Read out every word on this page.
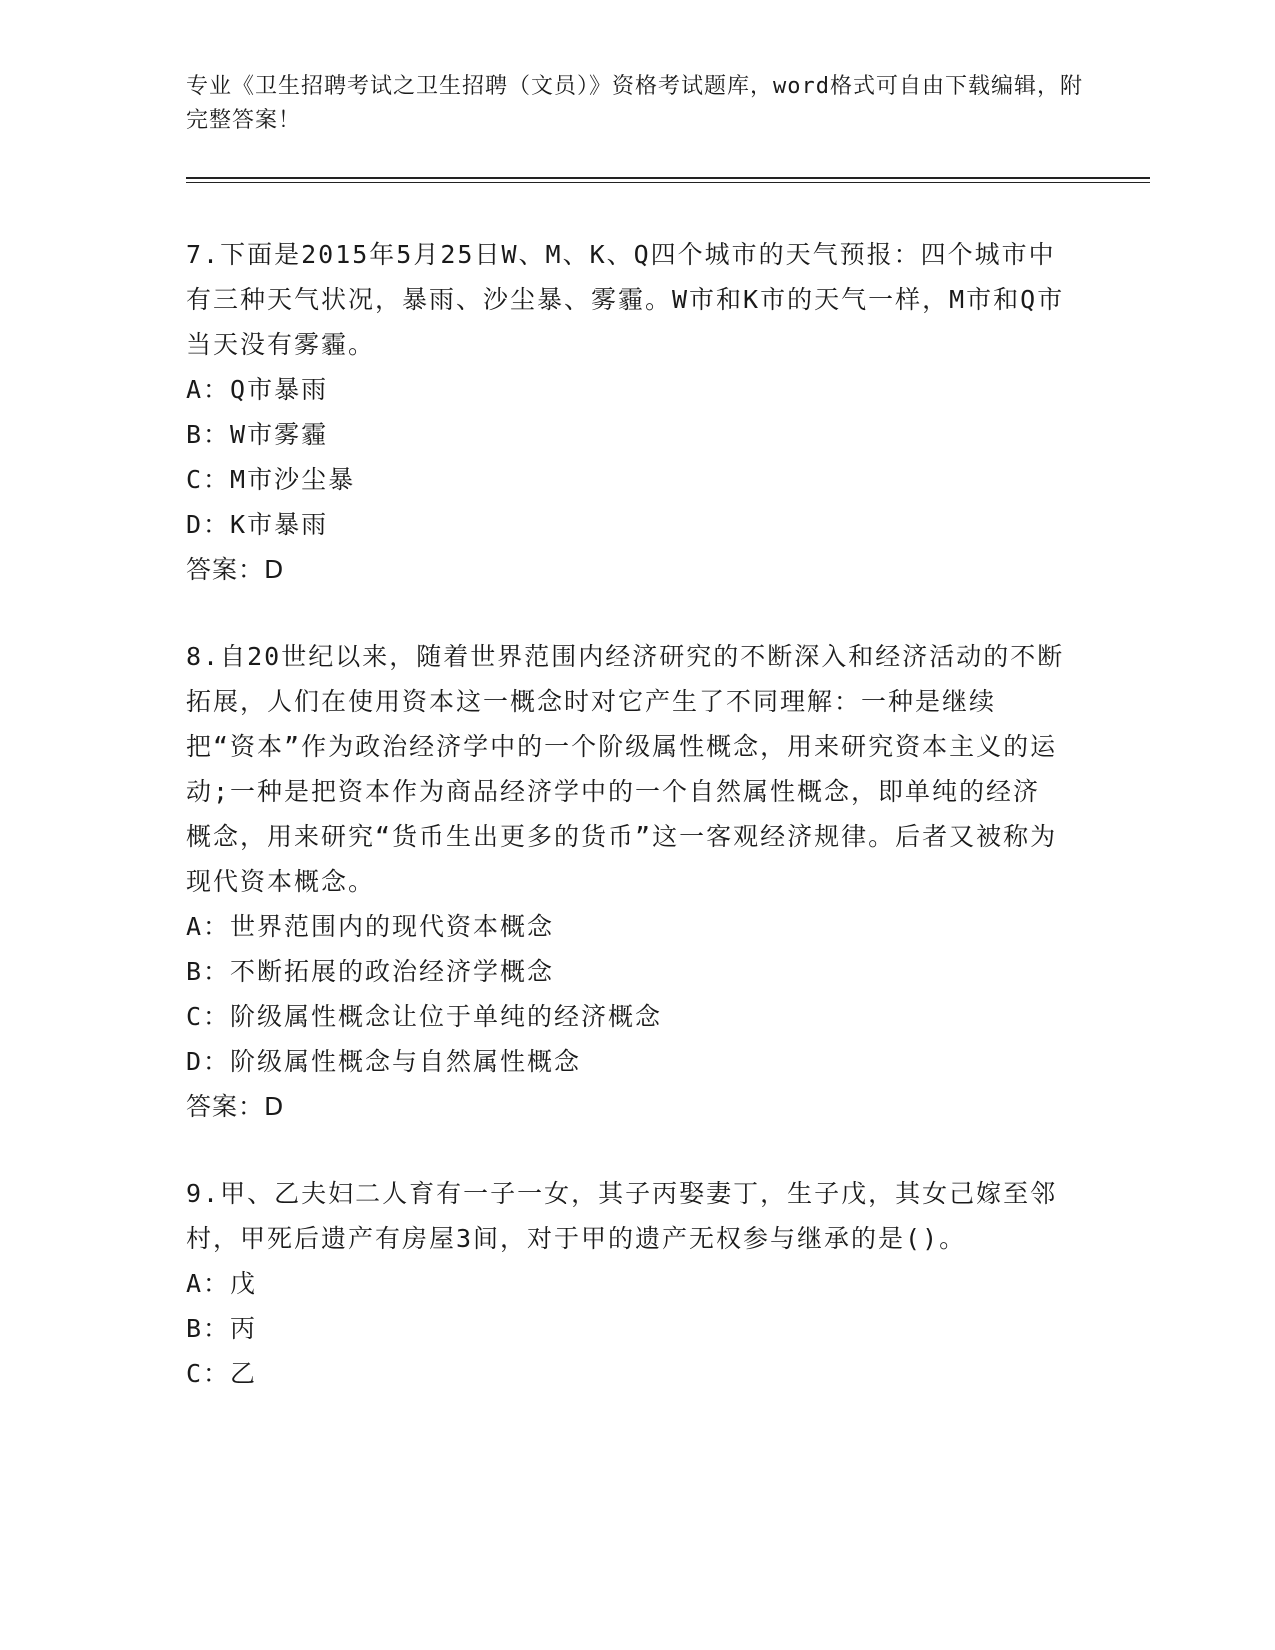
专业《卫生招聘考试之卫生招聘（文员）》资格考试题库，word格式可自由下载编辑，附完整答案！

7.下面是2015年5月25日W、M、K、Q四个城市的天气预报：四个城市中有三种天气状况，暴雨、沙尘暴、雾霾。W市和K市的天气一样，M市和Q市当天没有雾霾。

A：Q市暴雨

B：W市雾霾

C：M市沙尘暴

D：K市暴雨

答案：D

8.自20世纪以来，随着世界范围内经济研究的不断深入和经济活动的不断拓展，人们在使用资本这一概念时对它产生了不同理解：一种是继续把“资本”作为政治经济学中的一个阶级属性概念，用来研究资本主义的运动;一种是把资本作为商品经济学中的一个自然属性概念，即单纯的经济概念，用来研究“货币生出更多的货币”这一客观经济规律。后者又被称为现代资本概念。

A：世界范围内的现代资本概念

B：不断拓展的政治经济学概念

C：阶级属性概念让位于单纯的经济概念

D：阶级属性概念与自然属性概念

答案：D

9.甲、乙夫妇二人育有一子一女，其子丙娶妻丁，生子戊，其女己嫁至邻村，甲死后遗产有房屋3间，对于甲的遗产无权参与继承的是()。

A：戊

B：丙

C：乙
